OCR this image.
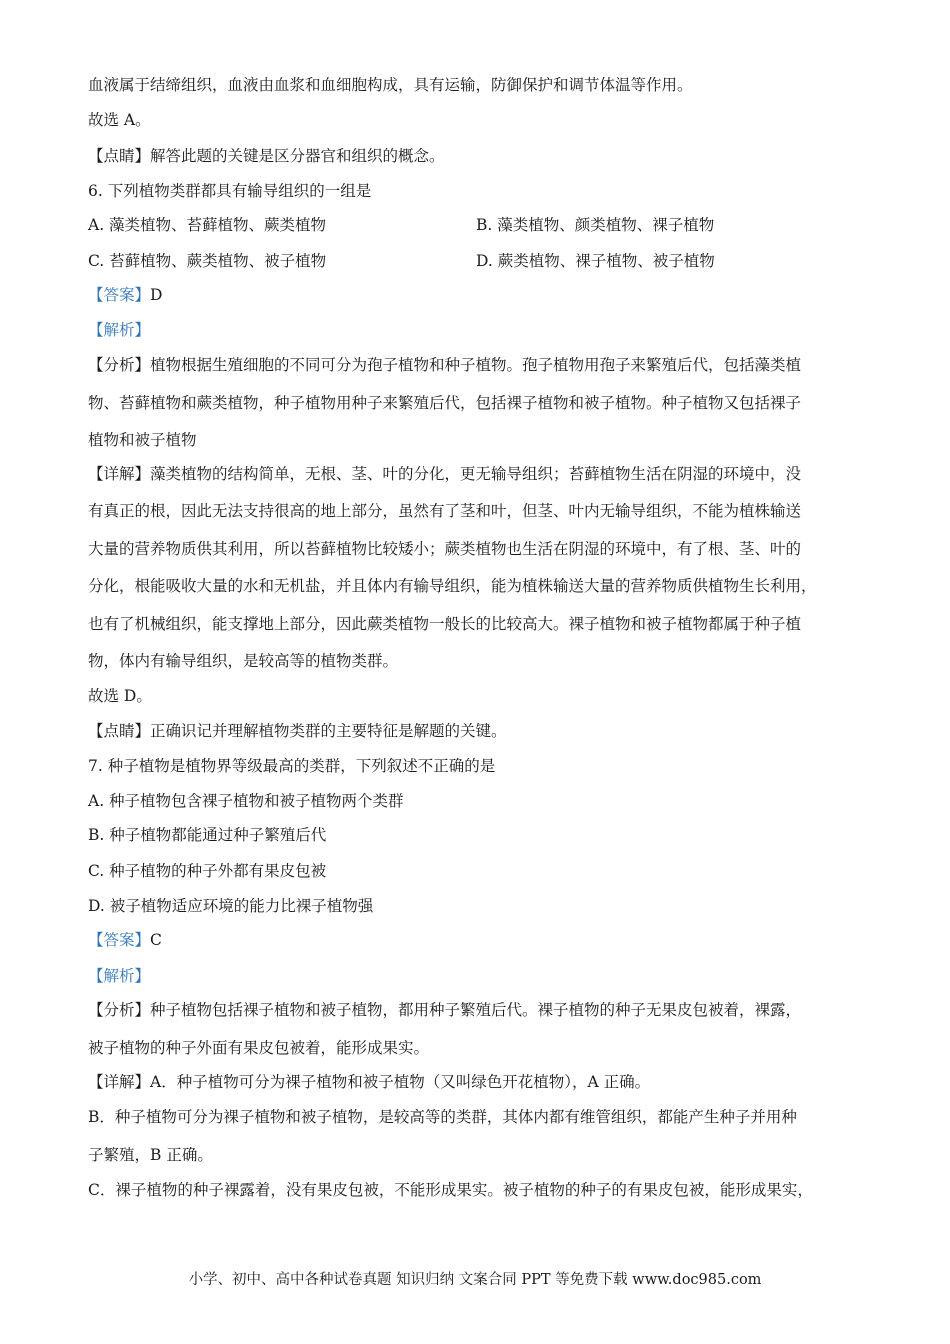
血液属于结缔组织，血液由血浆和血细胞构成，具有运输，防御保护和调节体温等作用。
故选 A。
【点睛】解答此题的关键是区分器官和组织的概念。
6. 下列植物类群都具有输导组织的一组是
A. 藻类植物、苔藓植物、蕨类植物	B. 藻类植物、颜类植物、裸子植物
C. 苔藓植物、蕨类植物、被子植物	D. 蕨类植物、裸子植物、被子植物
【答案】D
【解析】
【分析】植物根据生殖细胞的不同可分为孢子植物和种子植物。孢子植物用孢子来繁殖后代，包括藻类植
物、苔藓植物和蕨类植物，种子植物用种子来繁殖后代，包括裸子植物和被子植物。种子植物又包括裸子
植物和被子植物
【详解】藻类植物的结构简单，无根、茎、叶的分化，更无输导组织；苔藓植物生活在阴湿的环境中，没
有真正的根，因此无法支持很高的地上部分，虽然有了茎和叶，但茎、叶内无输导组织，不能为植株输送
大量的营养物质供其利用，所以苔藓植物比较矮小；蕨类植物也生活在阴湿的环境中，有了根、茎、叶的
分化，根能吸收大量的水和无机盐，并且体内有输导组织，能为植株输送大量的营养物质供植物生长利用，
也有了机械组织，能支撑地上部分，因此蕨类植物一般长的比较高大。裸子植物和被子植物都属于种子植
物，体内有输导组织，是较高等的植物类群。
故选 D。
【点睛】正确识记并理解植物类群的主要特征是解题的关键。
7. 种子植物是植物界等级最高的类群，下列叙述不正确的是
A. 种子植物包含裸子植物和被子植物两个类群
B. 种子植物都能通过种子繁殖后代
C. 种子植物的种子外都有果皮包被
D. 被子植物适应环境的能力比裸子植物强
【答案】C
【解析】
【分析】种子植物包括裸子植物和被子植物，都用种子繁殖后代。裸子植物的种子无果皮包被着，裸露，
被子植物的种子外面有果皮包被着，能形成果实。
【详解】A．种子植物可分为裸子植物和被子植物（又叫绿色开花植物），A 正确。
B．种子植物可分为裸子植物和被子植物，是较高等的类群，其体内都有维管组织，都能产生种子并用种
子繁殖，B 正确。
C．裸子植物的种子裸露着，没有果皮包被，不能形成果实。被子植物的种子的有果皮包被，能形成果实，
小学、初中、高中各种试卷真题 知识归纳 文案合同 PPT 等免费下载 www.doc985.com
